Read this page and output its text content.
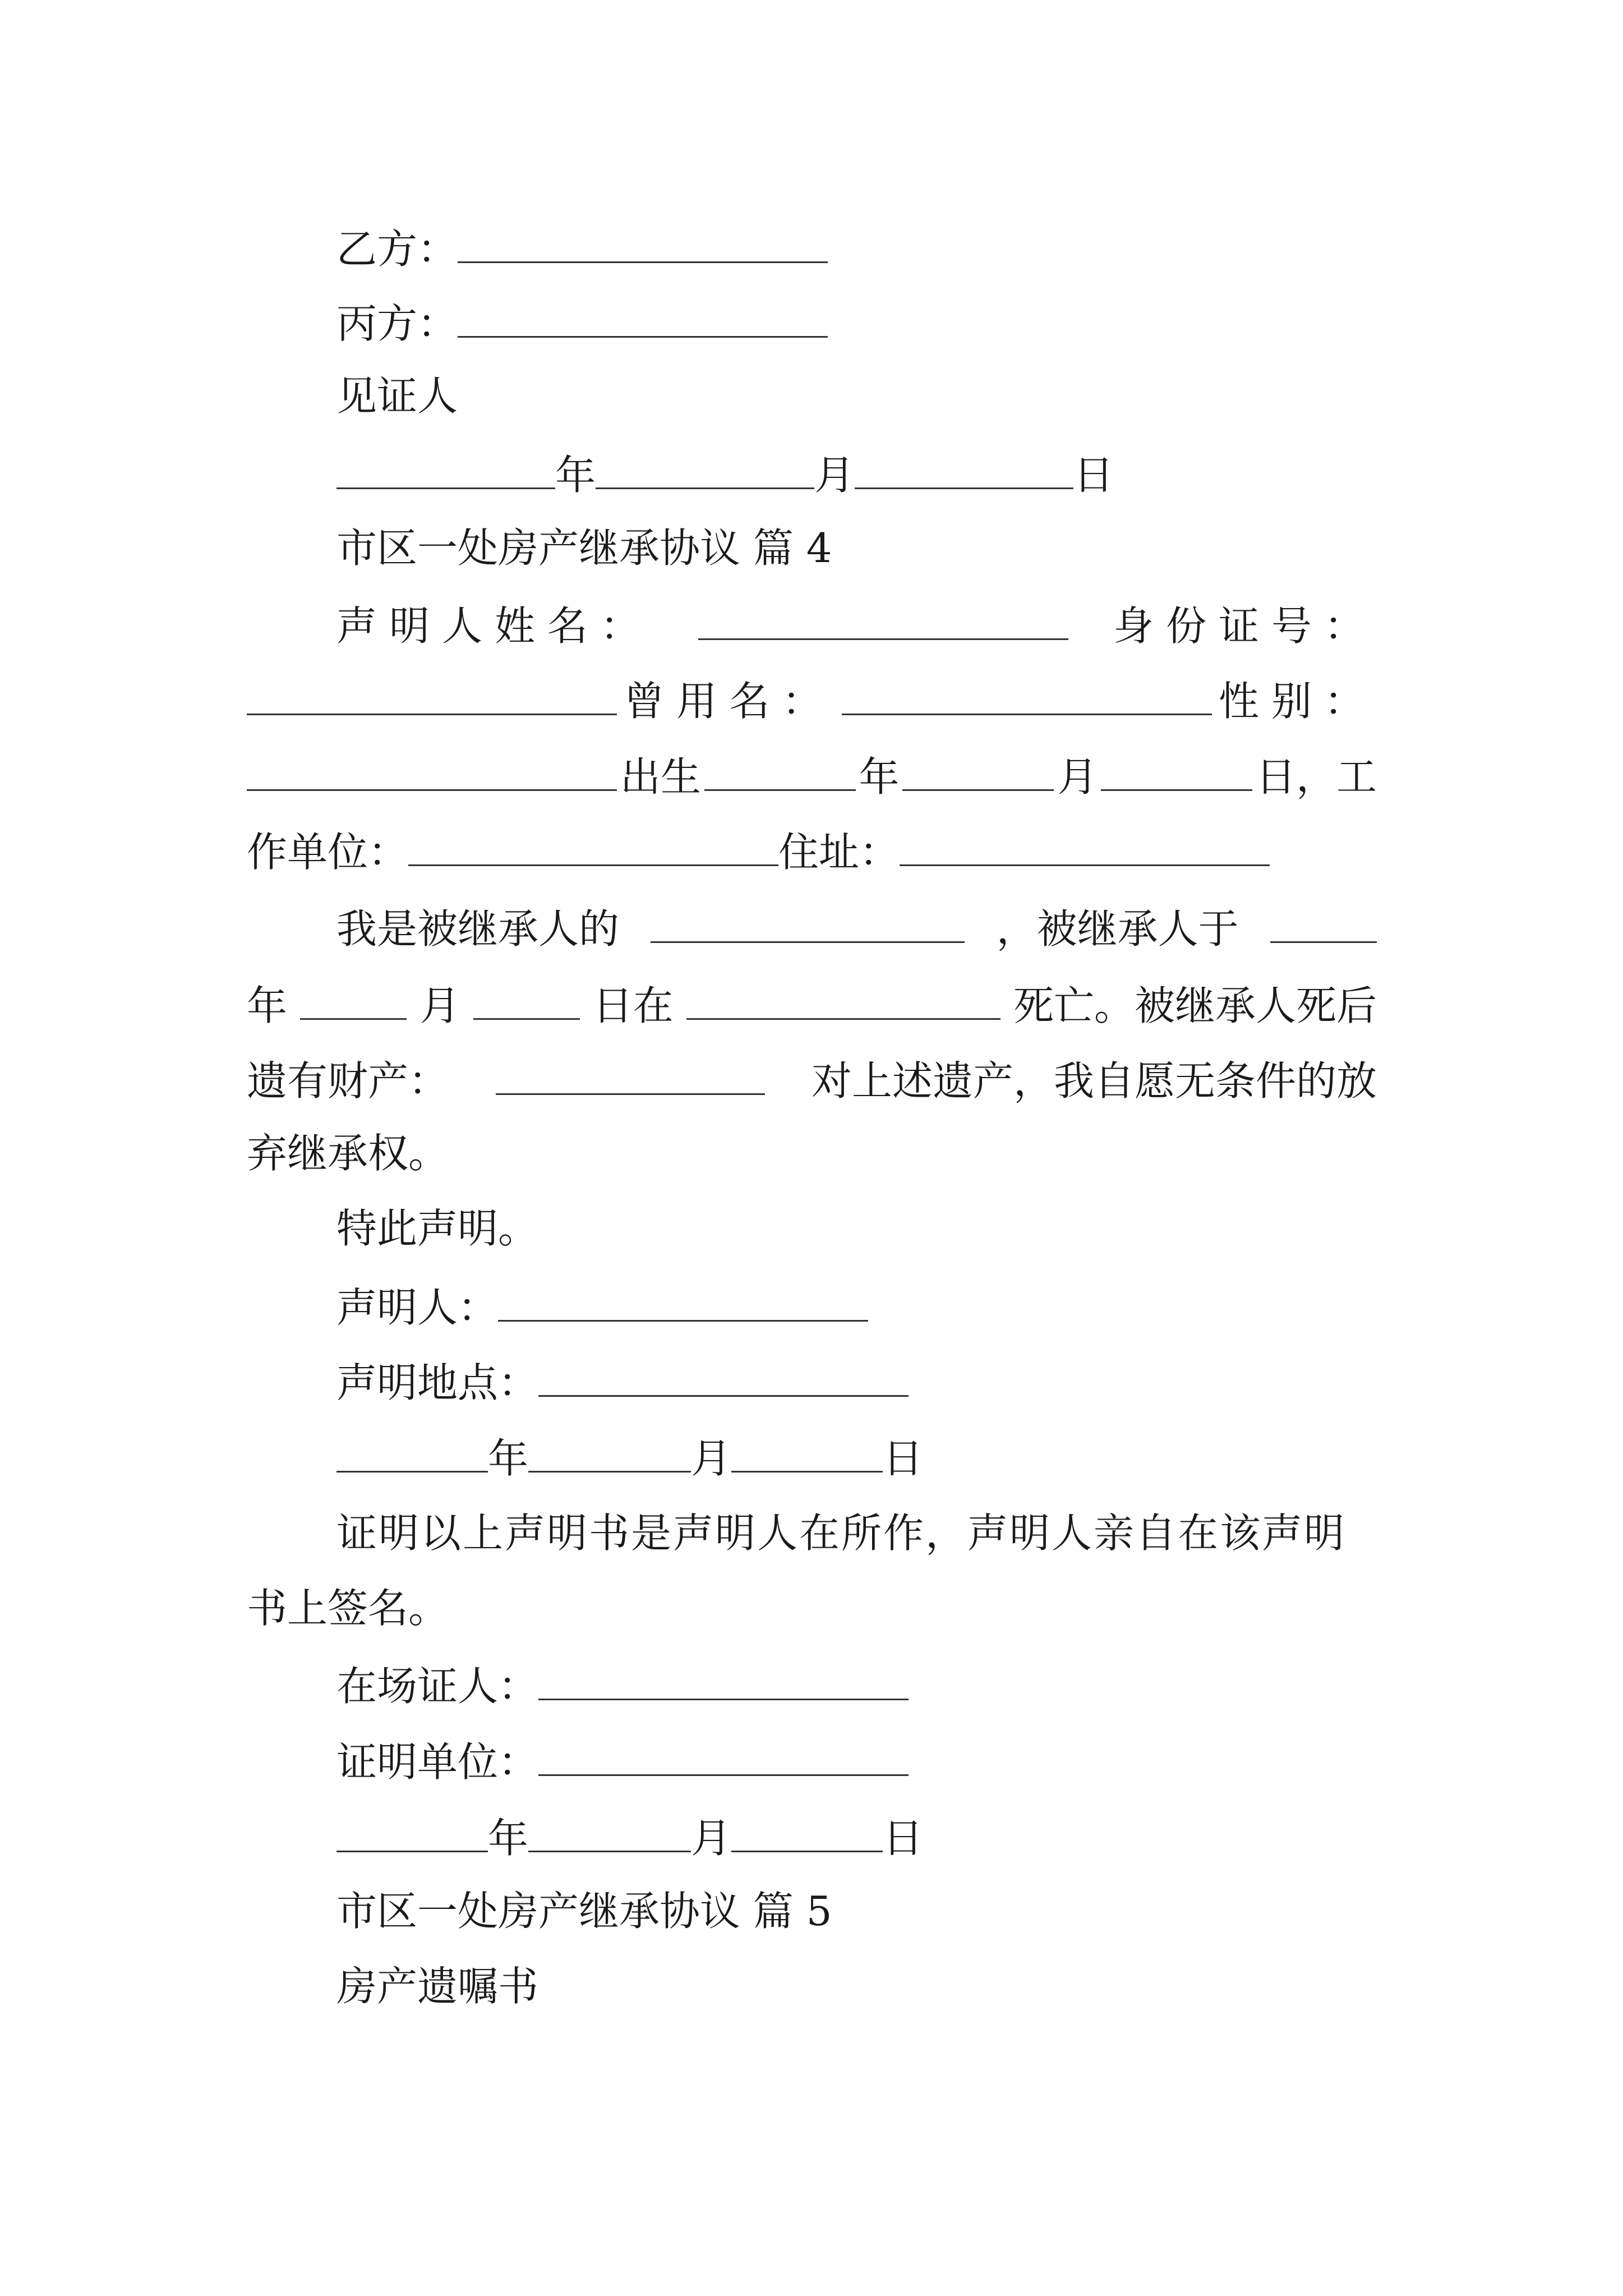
乙方：
丙方：
见证人
年	月	日
市区一处房产继承协议 篇 4
声明人姓名：	身份证号：
曾用名：	性别：
出生	年	月	日，工
作单位：	住址：
我是被继承人的	，被继承人于
年	月	日在	死亡。被继承人死后
遗有财产：	对上述遗产，我自愿无条件的放
弃继承权。
特此声明。
声明人：
声明地点：
年	月	日
证明以上声明书是声明人在所作，声明人亲自在该声明
书上签名。
在场证人：
证明单位：
年	月	日
市区一处房产继承协议 篇 5
房产遗嘱书
